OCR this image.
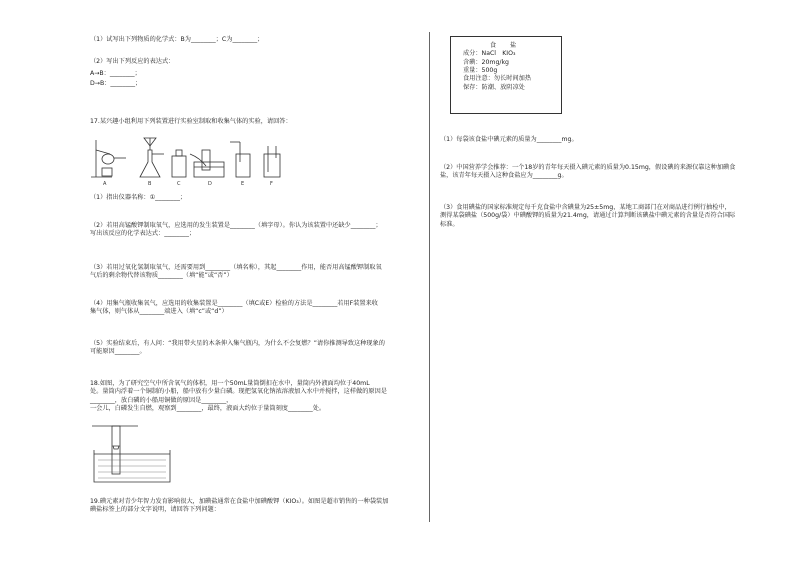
（1）试写出下列物质的化学式：B为________；C为________；

（2）写出下列反应的表达式：

A→B：________；

D→B：________；

17.某兴趣小组利用下列装置进行实验室制取和收集气体的实验，请回答：

A	B	C	D	E	F

（1）指出仪器名称：①________；

（2）若用高锰酸钾制取氧气，应选用的发生装置是________（填字母）。你认为该装置中还缺少________；

写出该反应的化学表达式：________；

（3）若用过氧化氢制取氧气，还需要用到________（填名称），其起________作用，能否用高锰酸钾制取氧

气后的剩余物代替该物质________（填“能”或“否”）

（4）用集气瓶收集氧气，应选用的收集装置是________（填C或E）检验的方法是________若用F装置来收

集气体，则气体从________端进入（填“c”或“d”）

（5）实验结束后，有人问：“我用带火星的木条伸入集气瓶内，为什么不会复燃？”请你推测导致这种现象的

可能原因________。

18.如图，为了研究空气中所含氧气的体积，用一个50mL量筒倒扣在水中，量筒内外液面均位于40mL

处。量筒内浮着一个铜制的小船，船中放有少量白磷。现把氢氧化钠浓溶液加入水中并搅拌，这样做的原因是

________，放白磷的小船用铜做的原因是________，

一会儿，白磷发生自燃，观察到________，最终，液面大约位于量筒刻度________处。

19.碘元素对青少年智力发育影响很大，加碘盐通常在食盐中加碘酸钾（KIO₃）。如图是超市销售的一种袋装加

碘盐标签上的部分文字说明，请回答下列问题：

食 盐
成分：NaCl　KIO₃
含碘：20mg/kg
重量：500g
食用注意：勿长时间加热
保存：防潮、放阴凉处

（1）每袋该食盐中碘元素的质量为________mg。

（2）中国营养学会推荐：一个18岁的青年每天摄入碘元素的质量为0.15mg，假设碘的来源仅靠这种加碘食

盐，该青年每天摄入这种食盐应为________g。

（3）食用碘盐的国家标准规定每千克食盐中含碘量为25±5mg，某地工商部门在对商品进行例行抽检中，

测得某袋碘盐（500g/袋）中碘酸钾的质量为21.4mg，请通过计算判断该碘盐中碘元素的含量是否符合国际

标准。
